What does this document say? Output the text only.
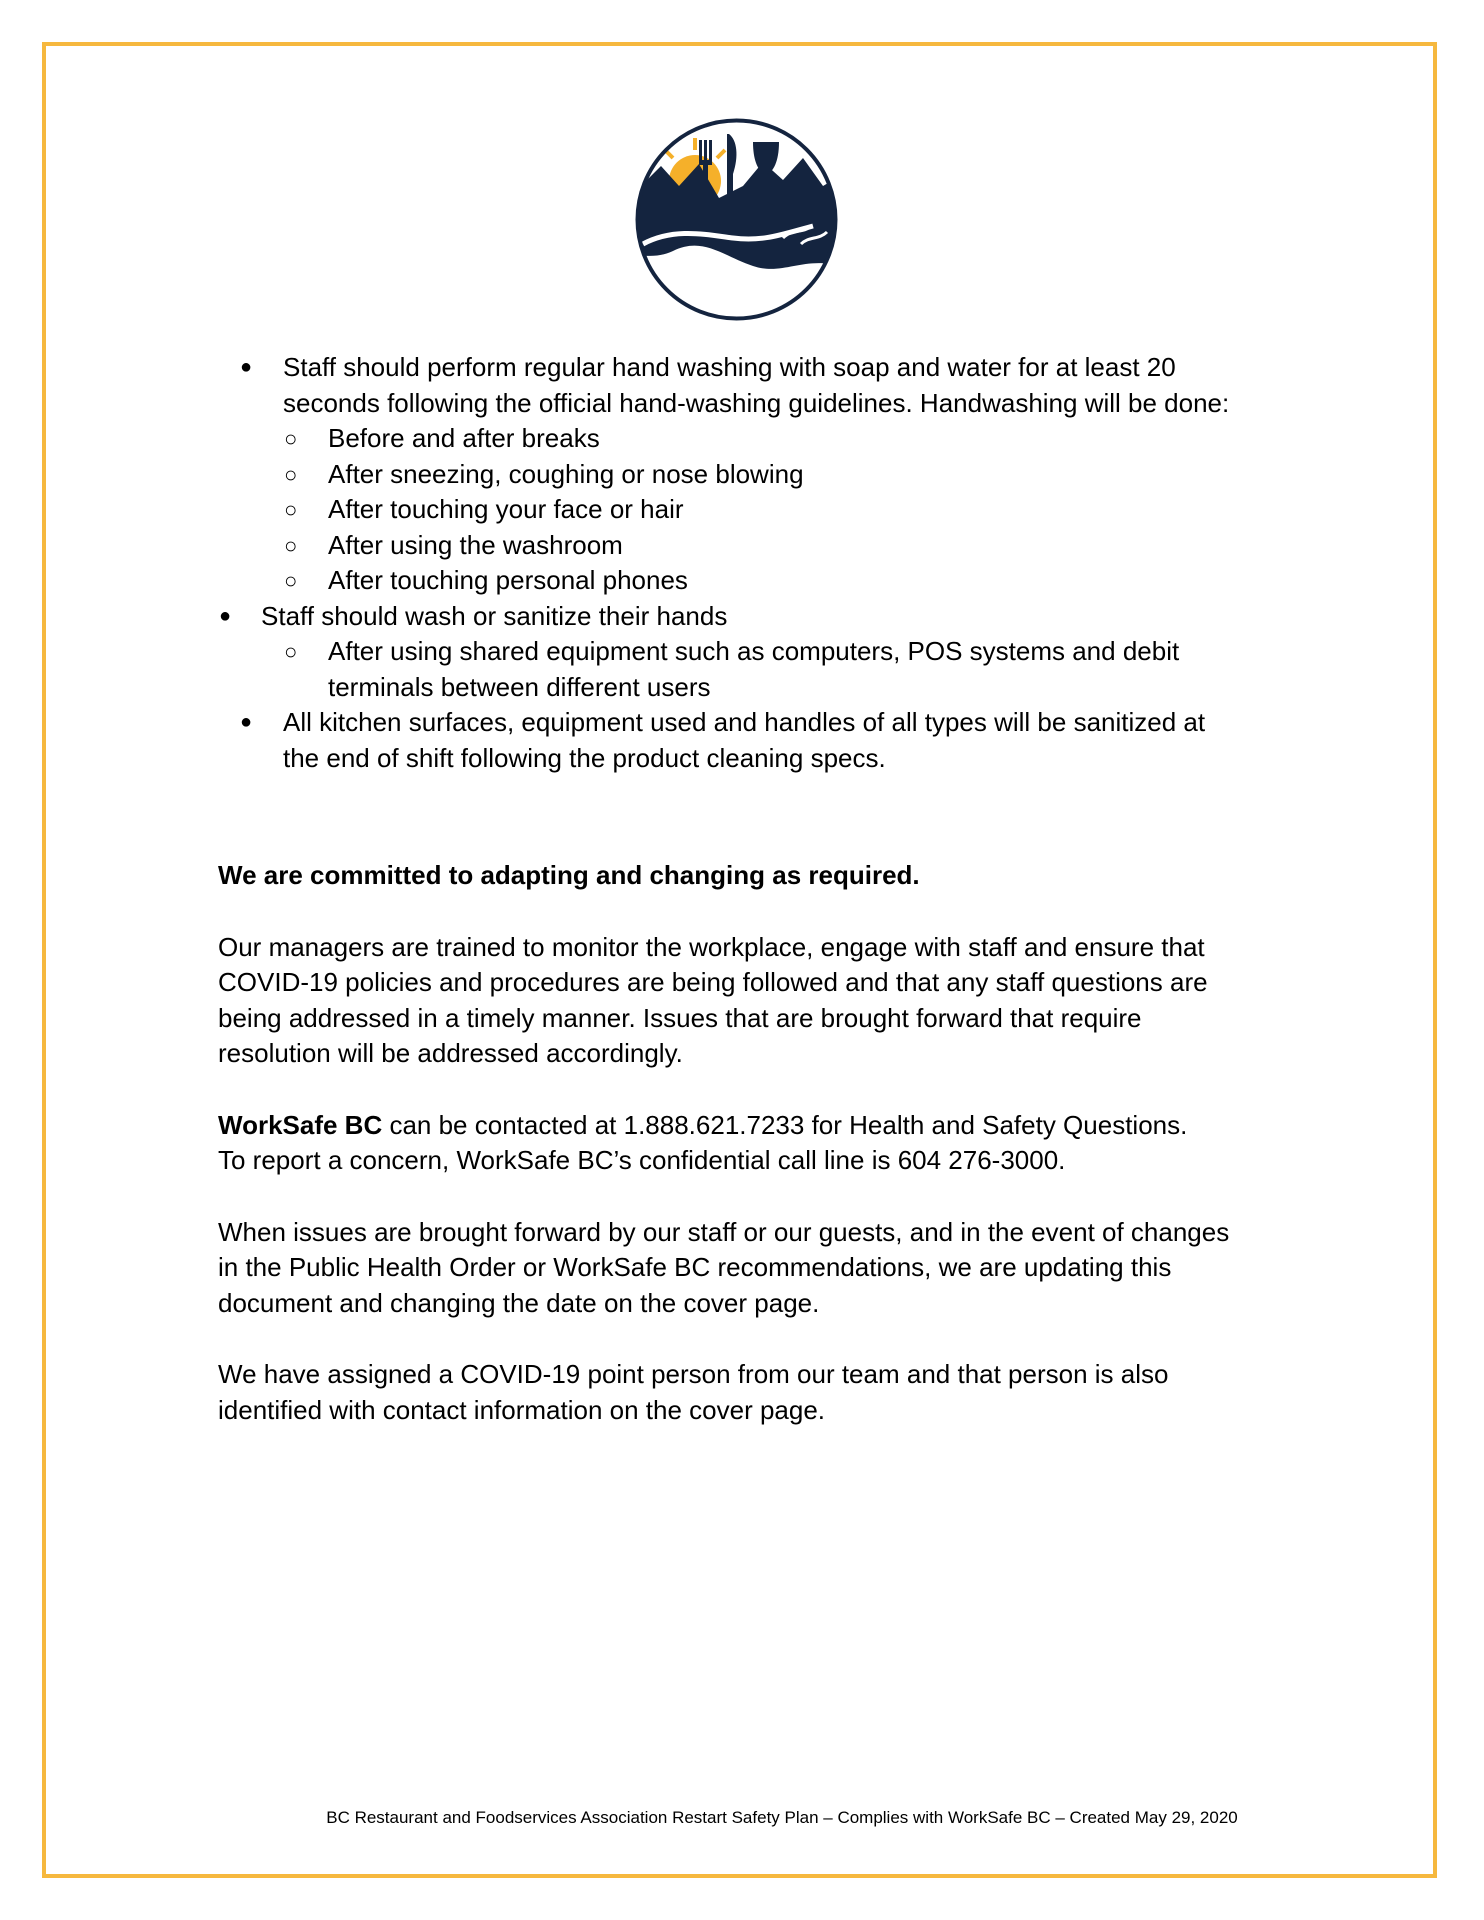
● Staff should perform regular hand washing with soap and water for at least 20
seconds following the official hand-washing guidelines. Handwashing will be done:
○ Before and after breaks
○ After sneezing, coughing or nose blowing
○ After touching your face or hair
○ After using the washroom
○ After touching personal phones
● Staff should wash or sanitize their hands
○ After using shared equipment such as computers, POS systems and debit
terminals between different users
● All kitchen surfaces, equipment used and handles of all types will be sanitized at
the end of shift following the product cleaning specs.

We are committed to adapting and changing as required.

Our managers are trained to monitor the workplace, engage with staff and ensure that
COVID-19 policies and procedures are being followed and that any staff questions are
being addressed in a timely manner. Issues that are brought forward that require
resolution will be addressed accordingly.
WorkSafe BC can be contacted at 1.888.621.7233 for Health and Safety Questions.
To report a concern, WorkSafe BC’s confidential call line is 604 276-3000.
When issues are brought forward by our staff or our guests, and in the event of changes
in the Public Health Order or WorkSafe BC recommendations, we are updating this
document and changing the date on the cover page.
We have assigned a COVID-19 point person from our team and that person is also
identified with contact information on the cover page.
BC Restaurant and Foodservices Association Restart Safety Plan – Complies with WorkSafe BC – Created May 29, 2020
